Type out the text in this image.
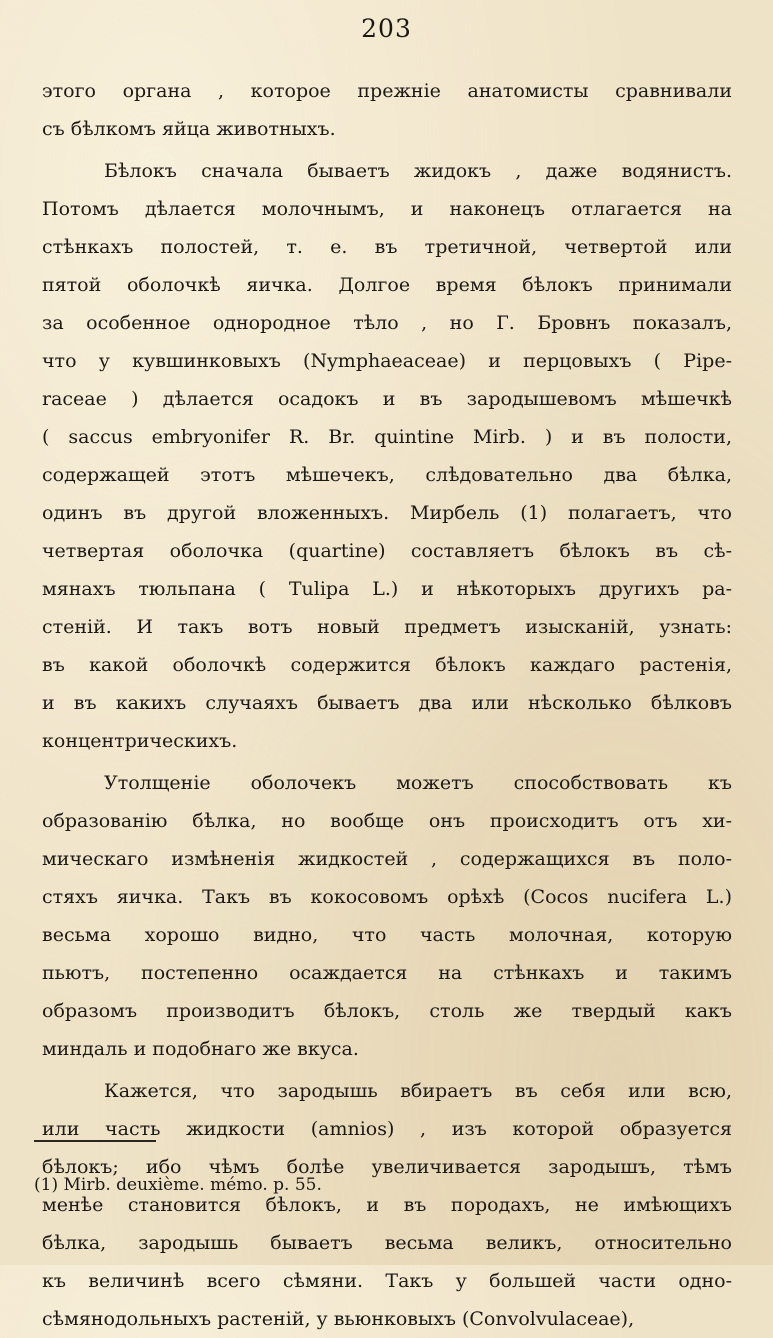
203
этого органа , которое прежніе анатомисты сравнивали
съ бѣлкомъ яйца животныхъ.
Бѣлокъ сначала бываетъ жидокъ , даже водянистъ.
Потомъ дѣлается молочнымъ, и наконецъ отлагается на
стѣнкахъ полостей, т. е. въ третичной, четвертой или
пятой оболочкѣ яичка. Долгое время бѣлокъ принимали
за особенное однородное тѣло , но Г. Бровнъ показалъ,
что у кувшинковыхъ (Nymphaeaceae) и перцовыхъ ( Pipe-
raceae ) дѣлается осадокъ и въ зародышевомъ мѣшечкѣ
( saccus embryonifer R. Br. quintine Mirb. ) и въ полости,
содержащей этотъ мѣшечекъ, слѣдовательно два бѣлка,
одинъ въ другой вложенныхъ. Мирбель (1) полагаетъ, что
четвертая оболочка (quartine) составляетъ бѣлокъ въ сѣ-
мянахъ тюльпана ( Tulipa L.) и нѣкоторыхъ другихъ ра-
стеній. И такъ вотъ новый предметъ изысканій, узнать:
въ какой оболочкѣ содержится бѣлокъ каждаго растенія,
и въ какихъ случаяхъ бываетъ два или нѣсколько бѣлковъ
концентрическихъ.
Утолщеніе оболочекъ можетъ способствовать къ
образованію бѣлка, но вообще онъ происходитъ отъ хи-
мическаго измѣненія жидкостей , содержащихся въ поло-
стяхъ яичка. Такъ въ кокосовомъ орѣхѣ (Cocos nucifera L.)
весьма хорошо видно, что часть молочная, которую
пьютъ, постепенно осаждается на стѣнкахъ и такимъ
образомъ производитъ бѣлокъ, столь же твердый какъ
миндаль и подобнаго же вкуса.
Кажется, что зародышь вбираетъ въ себя или всю,
или часть жидкости (amnios) , изъ которой образуется
бѣлокъ; ибо чѣмъ болѣе увеличивается зародышъ, тѣмъ
менѣе становится бѣлокъ, и въ породахъ, не имѣющихъ
бѣлка, зародышь бываетъ весьма великъ, относительно
къ величинѣ всего сѣмяни. Такъ у большей части одно-
сѣмянодольныхъ растеній, у вьюнковыхъ (Convolvulaceae),
(1) Mirb. deuxième. mémo. p. 55.
